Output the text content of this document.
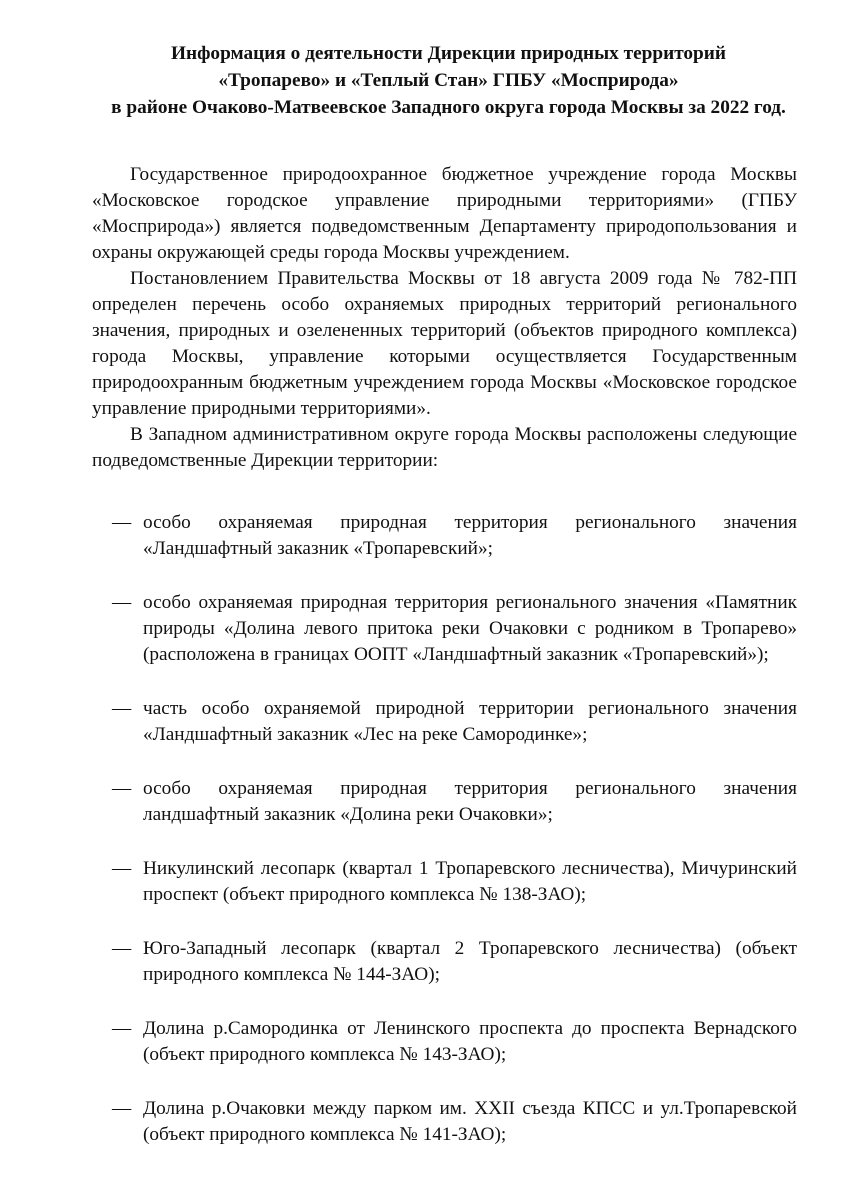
Информация о деятельности Дирекции природных территорий
«Тропарево» и «Теплый Стан» ГПБУ «Мосприрода»
в районе Очаково-Матвеевское Западного округа города Москвы за 2022 год.

Государственное природоохранное бюджетное учреждение города Москвы «Московское городское управление природными территориями» (ГПБУ «Мосприрода») является подведомственным Департаменту природопользования и охраны окружающей среды города Москвы учреждением.

Постановлением Правительства Москвы от 18 августа 2009 года № 782-ПП определен перечень особо охраняемых природных территорий регионального значения, природных и озелененных территорий (объектов природного комплекса) города Москвы, управление которыми осуществляется Государственным природоохранным бюджетным учреждением города Москвы «Московское городское управление природными территориями».

В Западном административном округе города Москвы расположены следующие подведомственные Дирекции территории:

— особо охраняемая природная территория регионального значения «Ландшафтный заказник «Тропаревский»;
— особо охраняемая природная территория регионального значения «Памятник природы «Долина левого притока реки Очаковки с родником в Тропарево» (расположена в границах ООПТ «Ландшафтный заказник «Тропаревский»);
— часть особо охраняемой природной территории регионального значения «Ландшафтный заказник «Лес на реке Самородинке»;
— особо охраняемая природная территория регионального значения ландшафтный заказник «Долина реки Очаковки»;
— Никулинский лесопарк (квартал 1 Тропаревского лесничества), Мичуринский проспект (объект природного комплекса № 138-ЗАО);
— Юго-Западный лесопарк (квартал 2 Тропаревского лесничества) (объект природного комплекса № 144-ЗАО);
— Долина р.Самородинка от Ленинского проспекта до проспекта Вернадского (объект природного комплекса № 143-ЗАО);
— Долина р.Очаковки между парком им. XXII съезда КПСС и ул.Тропаревской (объект природного комплекса № 141-ЗАО);
